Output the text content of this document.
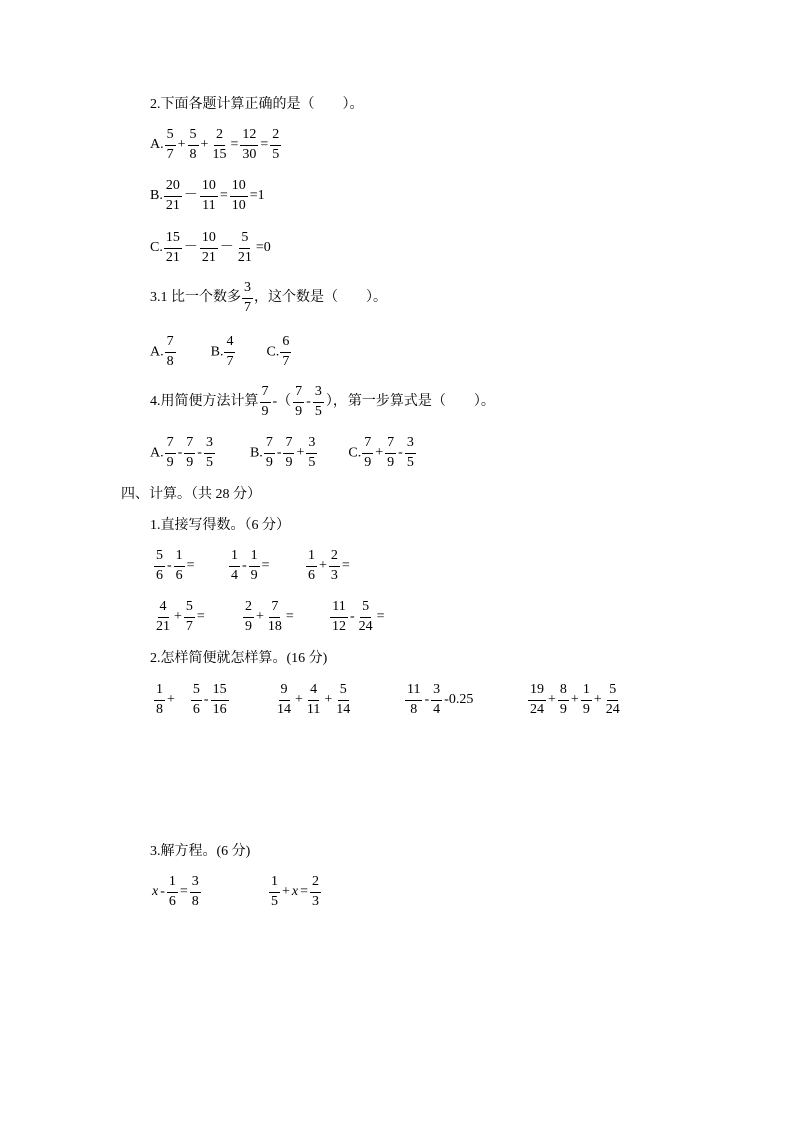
2.下面各题计算正确的是（　　）。
A. $\frac{5}{7} + \frac{5}{8} + \frac{2}{15} = \frac{12}{30} = \frac{2}{5}$
B. $\frac{20}{21} - \frac{10}{11} = \frac{10}{10} =1$
C. $\frac{15}{21} - \frac{10}{21} - \frac{5}{21} =0$
3.1 比一个数多 $\frac{3}{7}$ ，这个数是（　　）。
A. $\frac{7}{8}$	B. $\frac{4}{7} C$. $\frac{6}{7}$
4.用简便方法计算 $\frac{7}{9}$ -（ $\frac{7}{9} - \frac{3}{5}$ ）， 第一步算式是（　　）。
A. $\frac{7}{9} - \frac{7}{9} - \frac{3}{5}$	B. $\frac{7}{9} - \frac{7}{9} + \frac{3}{5} C$. $\frac{7}{9} + \frac{7}{9} - \frac{3}{5}$
四、计算。（共 28 分）
1.直接写得数。（6 分）
$\frac{5}{6} - \frac{1}{6} = \frac{1}{4} - \frac{1}{9}$ =	$\frac{1}{6} + \frac{2}{3}$ =
$\frac{4}{21} + \frac{5}{7}$ =	$\frac{2}{9} + \frac{7}{18}$ =	$\frac{11}{12} - \frac{5}{24}$ =
2.怎样简便就怎样算。(16 分)
$\frac{1}{8}$ +　 $\frac{5}{6} - \frac{15}{16}$	$\frac{9}{14} + \frac{4}{11} + \frac{5}{14}$	$\frac{11}{8} - \frac{3}{4} -0.25$	$\frac{19}{24} + \frac{8}{9} + \frac{1}{9} + \frac{5}{24}$
3.解方程。(6 分)
$x - \frac{1}{6} = \frac{3}{8}$	$\frac{1}{5} + x = \frac{2}{3}$
